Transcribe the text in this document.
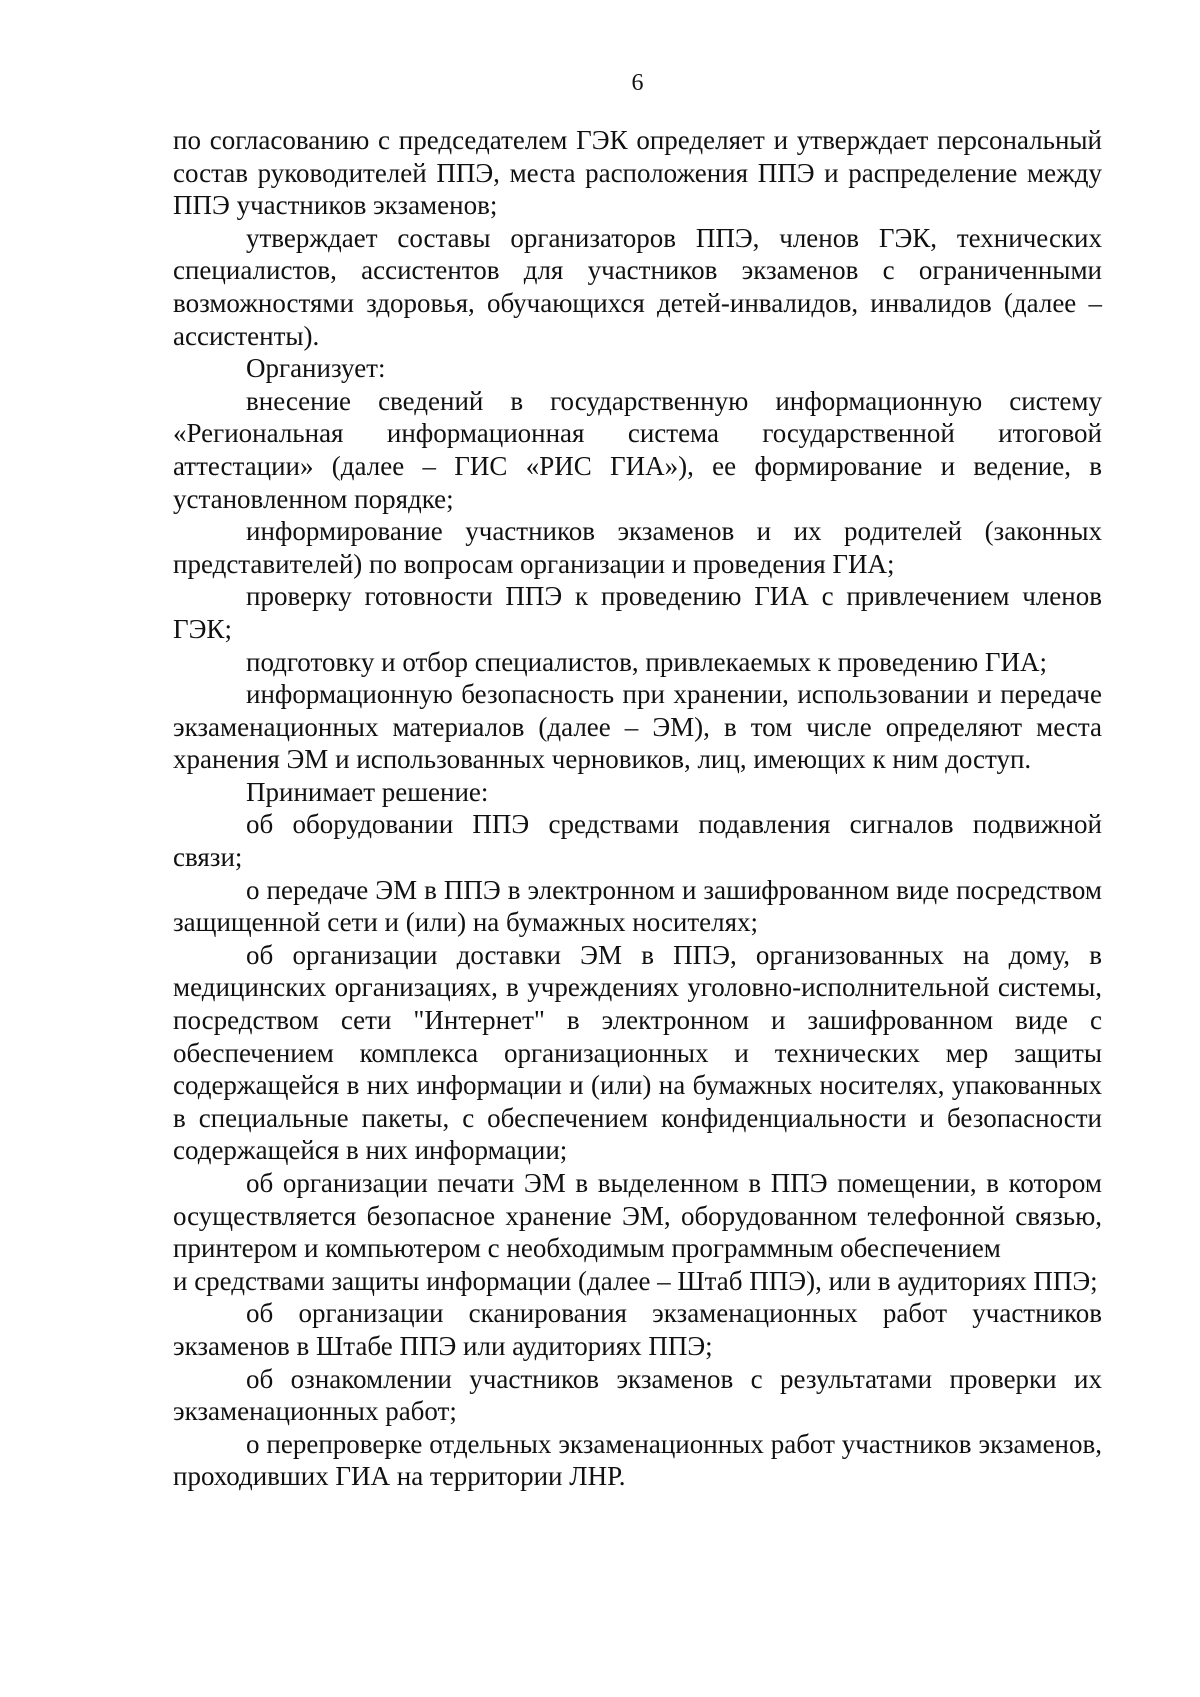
6

по согласованию с председателем ГЭК определяет и утверждает персональный состав руководителей ППЭ, места расположения ППЭ и распределение между ППЭ участников экзаменов;

утверждает составы организаторов ППЭ, членов ГЭК, технических специалистов, ассистентов для участников экзаменов с ограниченными возможностями здоровья, обучающихся детей-инвалидов, инвалидов (далее – ассистенты).

Организует:

внесение сведений в государственную информационную систему «Региональная информационная система государственной итоговой аттестации» (далее – ГИС «РИС ГИА»), ее формирование и ведение, в установленном порядке;

информирование участников экзаменов и их родителей (законных представителей) по вопросам организации и проведения ГИА;

проверку готовности ППЭ к проведению ГИА с привлечением членов ГЭК;

подготовку и отбор специалистов, привлекаемых к проведению ГИА;

информационную безопасность при хранении, использовании и передаче экзаменационных материалов (далее – ЭМ), в том числе определяют места хранения ЭМ и использованных черновиков, лиц, имеющих к ним доступ.

Принимает решение:

об оборудовании ППЭ средствами подавления сигналов подвижной связи;

о передаче ЭМ в ППЭ в электронном и зашифрованном виде посредством защищенной сети и (или) на бумажных носителях;

об организации доставки ЭМ в ППЭ, организованных на дому, в медицинских организациях, в учреждениях уголовно-исполнительной системы, посредством сети "Интернет" в электронном и зашифрованном виде с обеспечением комплекса организационных и технических мер защиты содержащейся в них информации и (или) на бумажных носителях, упакованных в специальные пакеты, с обеспечением конфиденциальности и безопасности содержащейся в них информации;

об организации печати ЭМ в выделенном в ППЭ помещении, в котором осуществляется безопасное хранение ЭМ, оборудованном телефонной связью, принтером и компьютером с необходимым программным обеспечением

и средствами защиты информации (далее – Штаб ППЭ), или в аудиториях ППЭ;

об организации сканирования экзаменационных работ участников экзаменов в Штабе ППЭ или аудиториях ППЭ;

об ознакомлении участников экзаменов с результатами проверки их экзаменационных работ;

о перепроверке отдельных экзаменационных работ участников экзаменов, проходивших ГИА на территории ЛНР.
